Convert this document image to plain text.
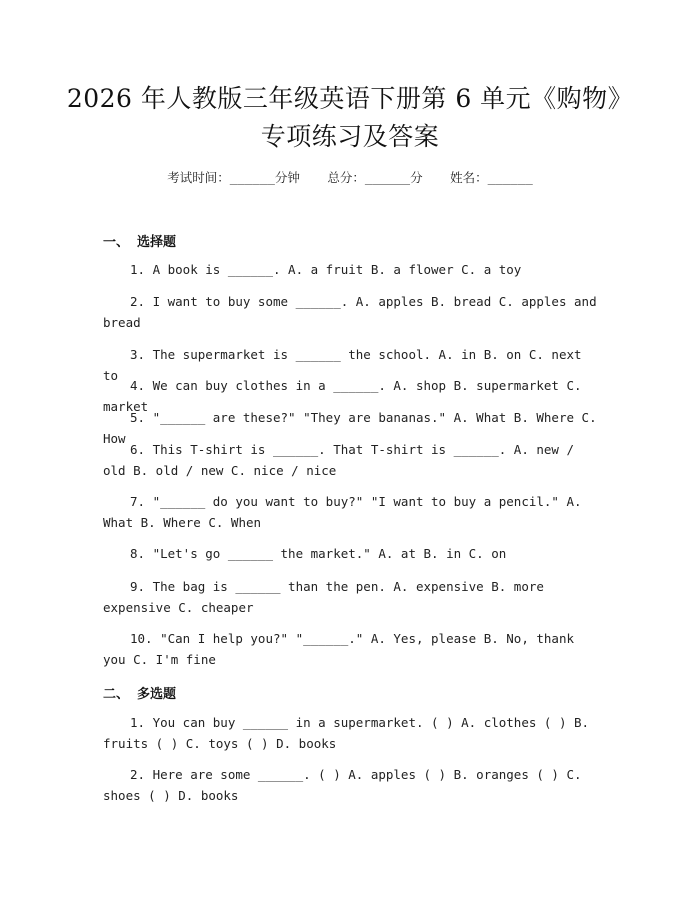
2026 年人教版三年级英语下册第 6 单元《购物》专项练习及答案
考试时间：______分钟 总分：______分 姓名：______
一、 选择题
1. A book is ______. A. a fruit B. a flower C. a toy
2. I want to buy some ______. A. apples B. bread C. apples and bread
3. The supermarket is ______ the school. A. in B. on C. next to
4. We can buy clothes in a ______. A. shop B. supermarket C. market
5. "______ are these?" "They are bananas." A. What B. Where C. How
6. This T-shirt is ______. That T-shirt is ______. A. new / old B. old / new C. nice / nice
7. "______ do you want to buy?" "I want to buy a pencil." A. What B. Where C. When
8. "Let's go ______ the market." A. at B. in C. on
9. The bag is ______ than the pen. A. expensive B. more expensive C. cheaper
10. "Can I help you?" "______." A. Yes, please B. No, thank you C. I'm fine
二、 多选题
1. You can buy ______ in a supermarket. ( ) A. clothes ( ) B. fruits ( ) C. toys ( ) D. books
2. Here are some ______. ( ) A. apples ( ) B. oranges ( ) C. shoes ( ) D. books
